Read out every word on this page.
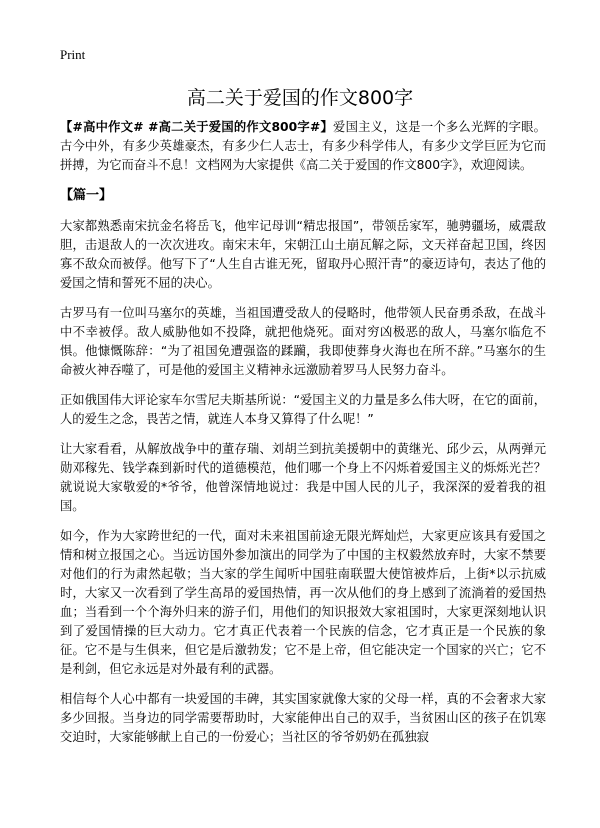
Print
高二关于爱国的作文800字

【#高中作文# #高二关于爱国的作文800字#】爱国主义，这是一个多么光辉的字眼。古今中外，有多少英雄豪杰，有多少仁人志士，有多少科学伟人，有多少文学巨匠为它而拼搏，为它而奋斗不息！文档网为大家提供《高二关于爱国的作文800字》，欢迎阅读。

【篇一】

大家都熟悉南宋抗金名将岳飞，他牢记母训“精忠报国”，带领岳家军，驰骋疆场，威震敌胆，击退敌人的一次次进攻。南宋末年，宋朝江山土崩瓦解之际，文天祥奋起卫国，终因寡不敌众而被俘。他写下了“人生自古谁无死，留取丹心照汗青”的豪迈诗句，表达了他的爱国之情和誓死不屈的决心。

古罗马有一位叫马塞尔的英雄，当祖国遭受敌人的侵略时，他带领人民奋勇杀敌，在战斗中不幸被俘。敌人威胁他如不投降，就把他烧死。面对穷凶极恶的敌人，马塞尔临危不惧。他慷慨陈辞：“为了祖国免遭强盗的蹂躏，我即使葬身火海也在所不辞。”马塞尔的生命被火神吞噬了，可是他的爱国主义精神永远激励着罗马人民努力奋斗。

正如俄国伟大评论家车尔雪尼夫斯基所说：“爱国主义的力量是多么伟大呀，在它的面前，人的爱生之念，畏苦之情，就连人本身又算得了什么呢！”

让大家看看，从解放战争中的董存瑞、刘胡兰到抗美援朝中的黄继光、邱少云，从两弹元勋邓稼先、钱学森到新时代的道德模范，他们哪一个身上不闪烁着爱国主义的烁烁光芒？就说说大家敬爱的*爷爷，他曾深情地说过：我是中国人民的儿子，我深深的爱着我的祖国。

如今，作为大家跨世纪的一代，面对未来祖国前途无限光辉灿烂，大家更应该具有爱国之情和树立报国之心。当远访国外参加演出的同学为了中国的主权毅然放弃时，大家不禁要对他们的行为肃然起敬；当大家的学生闻听中国驻南联盟大使馆被炸后，上街*以示抗威时，大家又一次看到了学生高昂的爱国热情，再一次从他们的身上感到了流淌着的爱国热血；当看到一个个海外归来的游子们，用他们的知识报效大家祖国时，大家更深刻地认识到了爱国情操的巨大动力。它才真正代表着一个民族的信念，它才真正是一个民族的象征。它不是与生俱来，但它是后激勃发；它不是上帝，但它能决定一个国家的兴亡；它不是利剑，但它永远是对外最有利的武器。

相信每个人心中都有一块爱国的丰碑，其实国家就像大家的父母一样，真的不会奢求大家多少回报。当身边的同学需要帮助时，大家能伸出自己的双手，当贫困山区的孩子在饥寒交迫时，大家能够献上自己的一份爱心；当社区的爷爷奶奶在孤独寂
